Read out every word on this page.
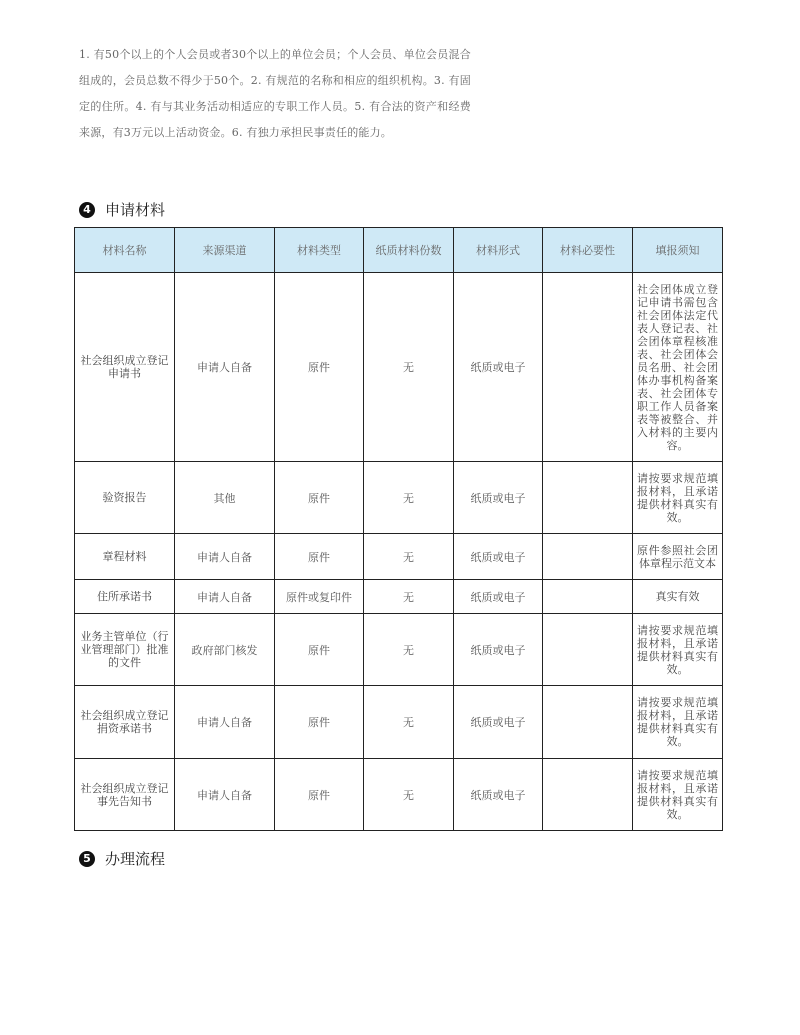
1. 有50个以上的个人会员或者30个以上的单位会员；个人会员、单位会员混合组成的，会员总数不得少于50个。2. 有规范的名称和相应的组织机构。3. 有固定的住所。4. 有与其业务活动相适应的专职工作人员。5. 有合法的资产和经费来源，有3万元以上活动资金。6. 有独力承担民事责任的能力。
4 申请材料
材料名称	来源渠道	材料类型	纸质材料份数	材料形式	材料必要性	填报须知
社会组织成立登记申请书	申请人自备	原件	无	纸质或电子		社会团体成立登记申请书需包含社会团体法定代表人登记表、社会团体章程核准表、社会团体会员名册、社会团体办事机构备案表、社会团体专职工作人员备案表等被整合、并入材料的主要内容。
验资报告	其他	原件	无	纸质或电子		请按要求规范填报材料，且承诺提供材料真实有效。
章程材料	申请人自备	原件	无	纸质或电子		原件参照社会团体章程示范文本
住所承诺书	申请人自备	原件或复印件	无	纸质或电子		真实有效
业务主管单位（行业管理部门）批准的文件	政府部门核发	原件	无	纸质或电子		请按要求规范填报材料，且承诺提供材料真实有效。
社会组织成立登记捐资承诺书	申请人自备	原件	无	纸质或电子		请按要求规范填报材料，且承诺提供材料真实有效。
社会组织成立登记事先告知书	申请人自备	原件	无	纸质或电子		请按要求规范填报材料，且承诺提供材料真实有效。
5 办理流程
